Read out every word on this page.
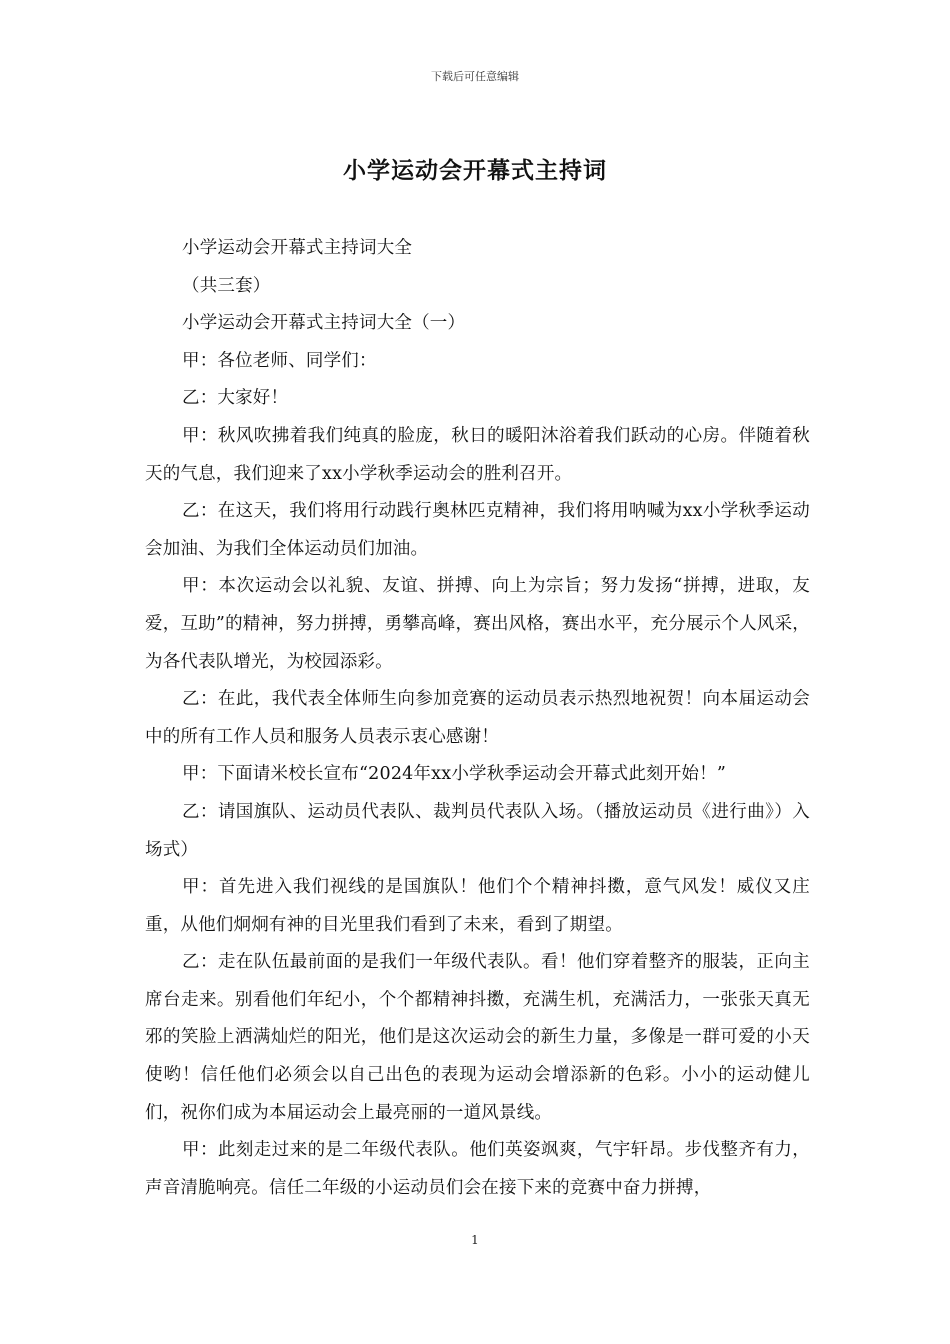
下载后可任意编辑
小学运动会开幕式主持词

小学运动会开幕式主持词大全

（共三套）

小学运动会开幕式主持词大全（一）

甲：各位老师、同学们：

乙：大家好！

甲：秋风吹拂着我们纯真的脸庞，秋日的暖阳沐浴着我们跃动的心房。伴随着秋天的气息，我们迎来了xx小学秋季运动会的胜利召开。

乙：在这天，我们将用行动践行奥林匹克精神，我们将用呐喊为xx小学秋季运动会加油、为我们全体运动员们加油。

甲：本次运动会以礼貌、友谊、拼搏、向上为宗旨；努力发扬“拼搏，进取，友爱，互助”的精神，努力拼搏，勇攀高峰，赛出风格，赛出水平，充分展示个人风采，为各代表队增光，为校园添彩。

乙：在此，我代表全体师生向参加竞赛的运动员表示热烈地祝贺！向本届运动会中的所有工作人员和服务人员表示衷心感谢！

甲：下面请米校长宣布“2024年xx小学秋季运动会开幕式此刻开始！”

乙：请国旗队、运动员代表队、裁判员代表队入场。（播放运动员《进行曲》）入场式）

甲：首先进入我们视线的是国旗队！他们个个精神抖擞，意气风发！威仪又庄重，从他们炯炯有神的目光里我们看到了未来，看到了期望。

乙：走在队伍最前面的是我们一年级代表队。看！他们穿着整齐的服装，正向主席台走来。别看他们年纪小，个个都精神抖擞，充满生机，充满活力，一张张天真无邪的笑脸上洒满灿烂的阳光，他们是这次运动会的新生力量，多像是一群可爱的小天使哟！信任他们必须会以自己出色的表现为运动会增添新的色彩。小小的运动健儿们，祝你们成为本届运动会上最亮丽的一道风景线。

甲：此刻走过来的是二年级代表队。他们英姿飒爽，气宇轩昂。步伐整齐有力，声音清脆响亮。信任二年级的小运动员们会在接下来的竞赛中奋力拼搏，

1
